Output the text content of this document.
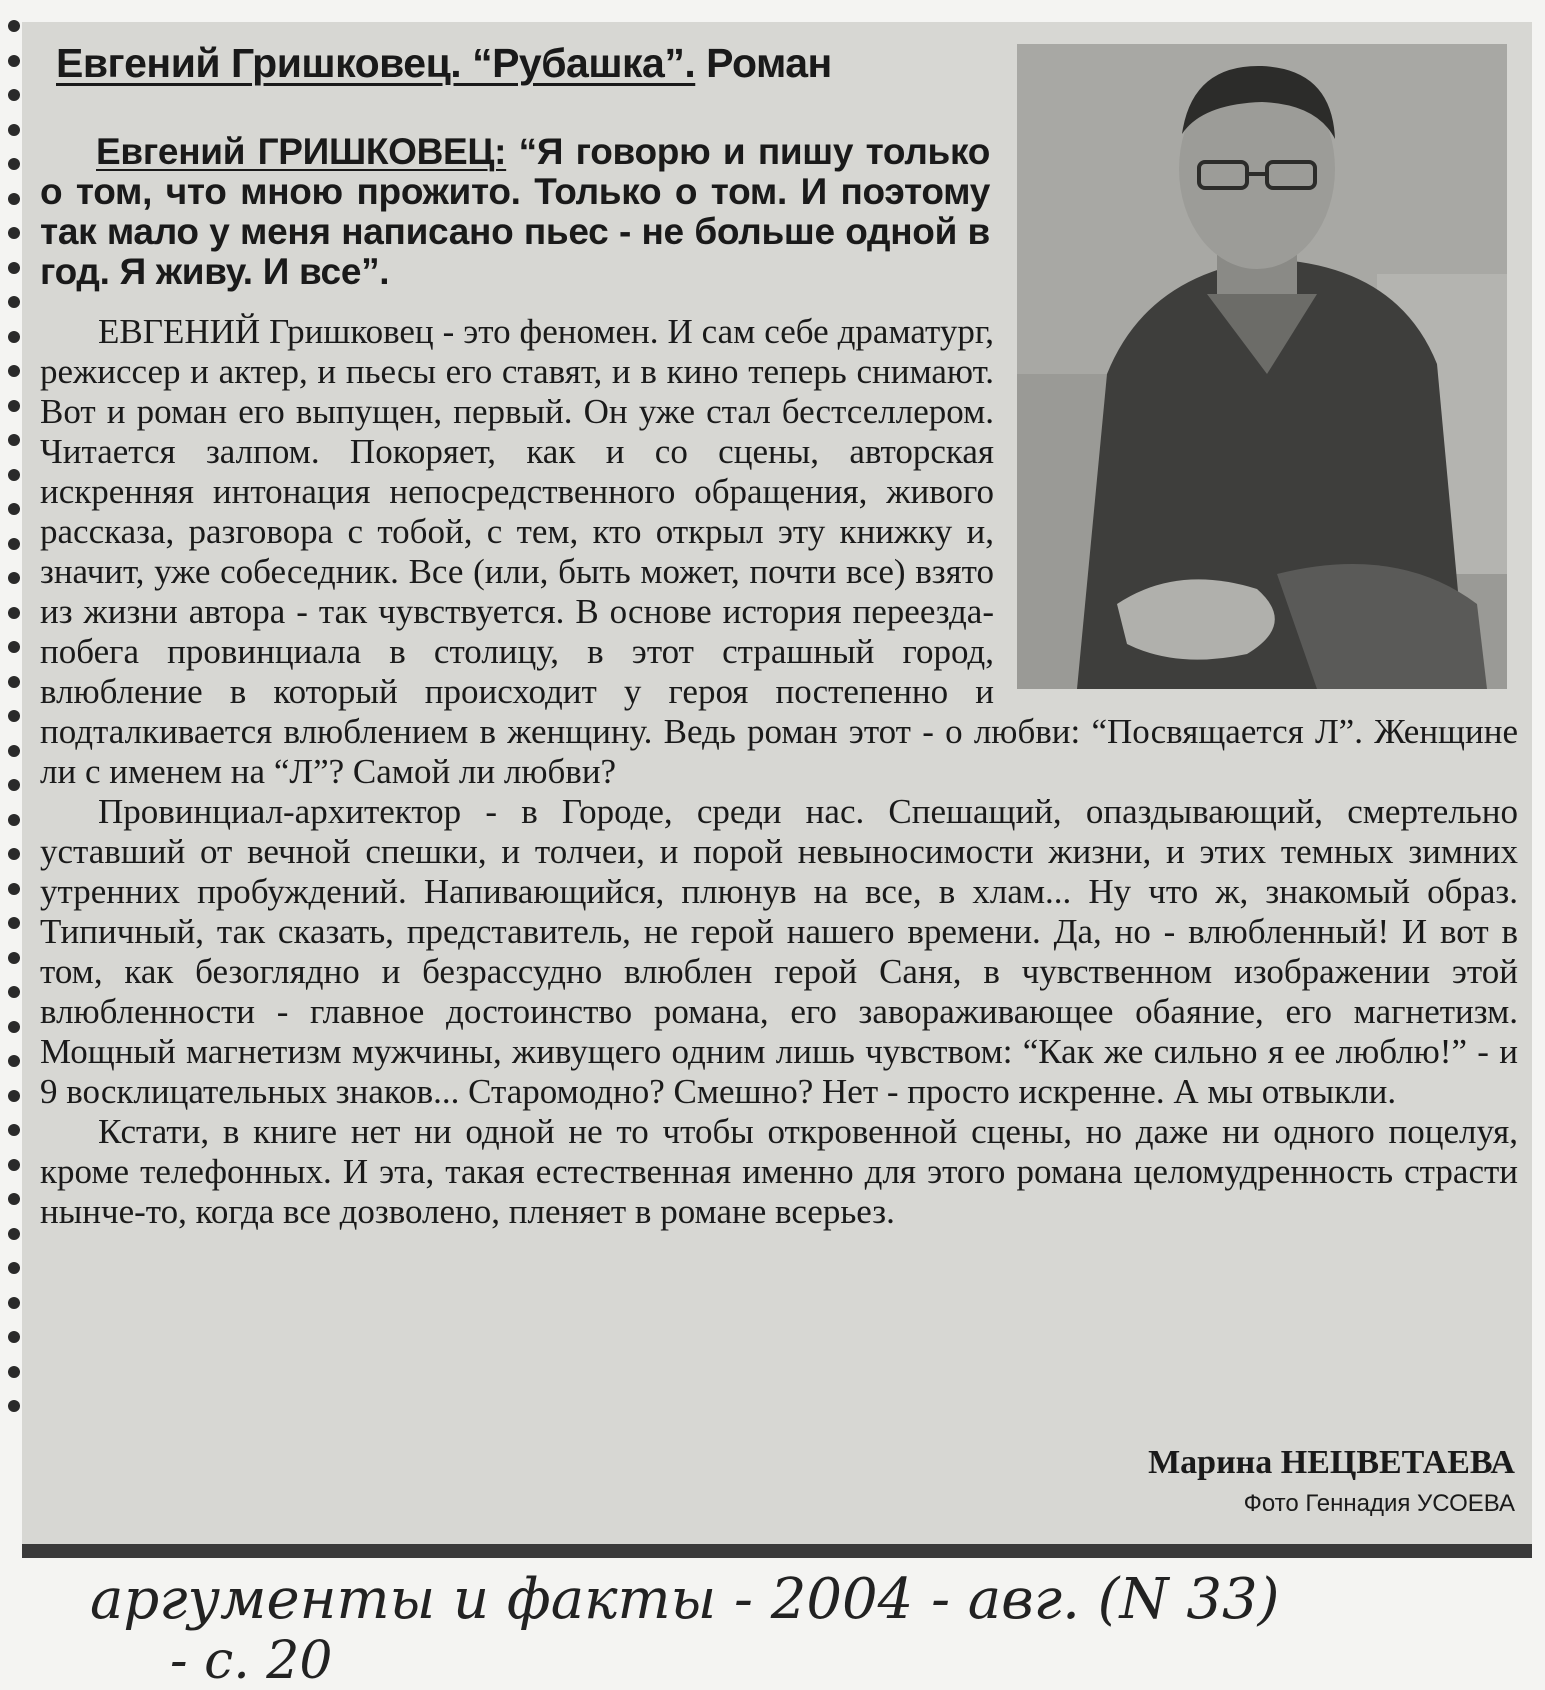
Евгений Гришковец. “Рубашка”. Роман
Евгений ГРИШКОВЕЦ: “Я говорю и пишу только о том, что мною прожито. Только о том. И поэтому так мало у меня написано пьес - не больше одной в год. Я живу. И все”.

ЕВГЕНИЙ Гришковец - это феномен. И сам себе драматург, режиссер и актер, и пьесы его ставят, и в кино теперь снимают. Вот и роман его выпущен, первый. Он уже стал бестселлером. Читается залпом. Покоряет, как и со сцены, авторская искренняя интонация непосредственного обращения, живого рассказа, разговора с тобой, с тем, кто открыл эту книжку и, значит, уже собеседник. Все (или, быть может, почти все) взято из жизни автора - так чувствуется. В основе история переезда-побега провинциала в столицу, в этот страшный город, влюбление в который происходит у героя постепенно и подталкивается влюблением в женщину. Ведь роман этот - о любви: “Посвящается Л”. Женщине ли с именем на “Л”? Самой ли любви?

Провинциал-архитектор - в Городе, среди нас. Спешащий, опаздывающий, смертельно уставший от вечной спешки, и толчеи, и порой невыносимости жизни, и этих темных зимних утренних пробуждений. Напивающийся, плюнув на все, в хлам... Ну что ж, знакомый образ. Типичный, так сказать, представитель, не герой нашего времени. Да, но - влюбленный! И вот в том, как безоглядно и безрассудно влюблен герой Саня, в чувственном изображении этой влюбленности - главное достоинство романа, его завораживающее обаяние, его магнетизм. Мощный магнетизм мужчины, живущего одним лишь чувством: “Как же сильно я ее люблю!” - и 9 восклицательных знаков... Старомодно? Смешно? Нет - просто искренне. А мы отвыкли.

Кстати, в книге нет ни одной не то чтобы откровенной сцены, но даже ни одного поцелуя, кроме телефонных. И эта, такая естественная именно для этого романа целомудренность страсти нынче-то, когда все дозволено, пленяет в романе всерьез.

Марина НЕЦВЕТАЕВА
Фото Геннадия УСОЕВА
аргументы и факты - 2004 - авг. (N 33)
- с. 20
